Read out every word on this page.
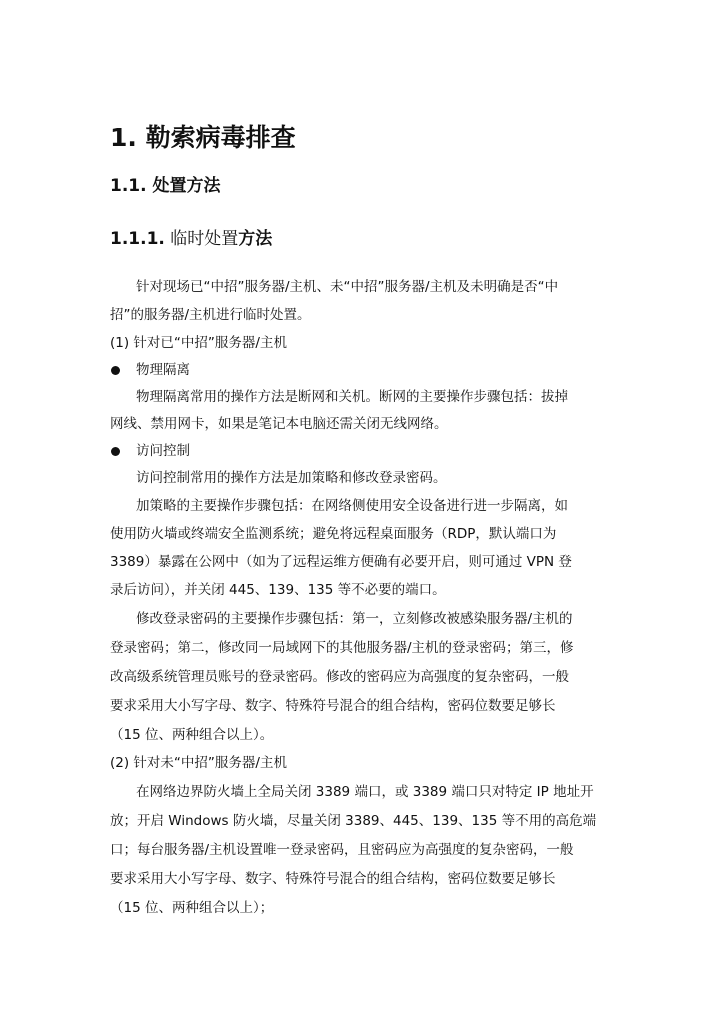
1. 勒索病毒排查
1.1. 处置方法
1.1.1. 临时处置方法
针对现场已“中招”服务器/主机、未“中招”服务器/主机及未明确是否“中
招”的服务器/主机进行临时处置。
(1) 针对已“中招”服务器/主机
物理隔离
物理隔离常用的操作方法是断网和关机。断网的主要操作步骤包括：拔掉
网线、禁用网卡，如果是笔记本电脑还需关闭无线网络。
访问控制
访问控制常用的操作方法是加策略和修改登录密码。
加策略的主要操作步骤包括：在网络侧使用安全设备进行进一步隔离，如
使用防火墙或终端安全监测系统；避免将远程桌面服务（RDP，默认端口为
3389）暴露在公网中（如为了远程运维方便确有必要开启，则可通过 VPN 登
录后访问），并关闭 445、139、135 等不必要的端口。
修改登录密码的主要操作步骤包括：第一，立刻修改被感染服务器/主机的
登录密码；第二，修改同一局域网下的其他服务器/主机的登录密码；第三，修
改高级系统管理员账号的登录密码。修改的密码应为高强度的复杂密码，一般
要求采用大小写字母、数字、特殊符号混合的组合结构，密码位数要足够长
（15 位、两种组合以上）。
(2) 针对未“中招”服务器/主机
在网络边界防火墙上全局关闭 3389 端口，或 3389 端口只对特定 IP 地址开
放；开启 Windows 防火墙，尽量关闭 3389、445、139、135 等不用的高危端
口；每台服务器/主机设置唯一登录密码，且密码应为高强度的复杂密码，一般
要求采用大小写字母、数字、特殊符号混合的组合结构，密码位数要足够长
（15 位、两种组合以上）；
